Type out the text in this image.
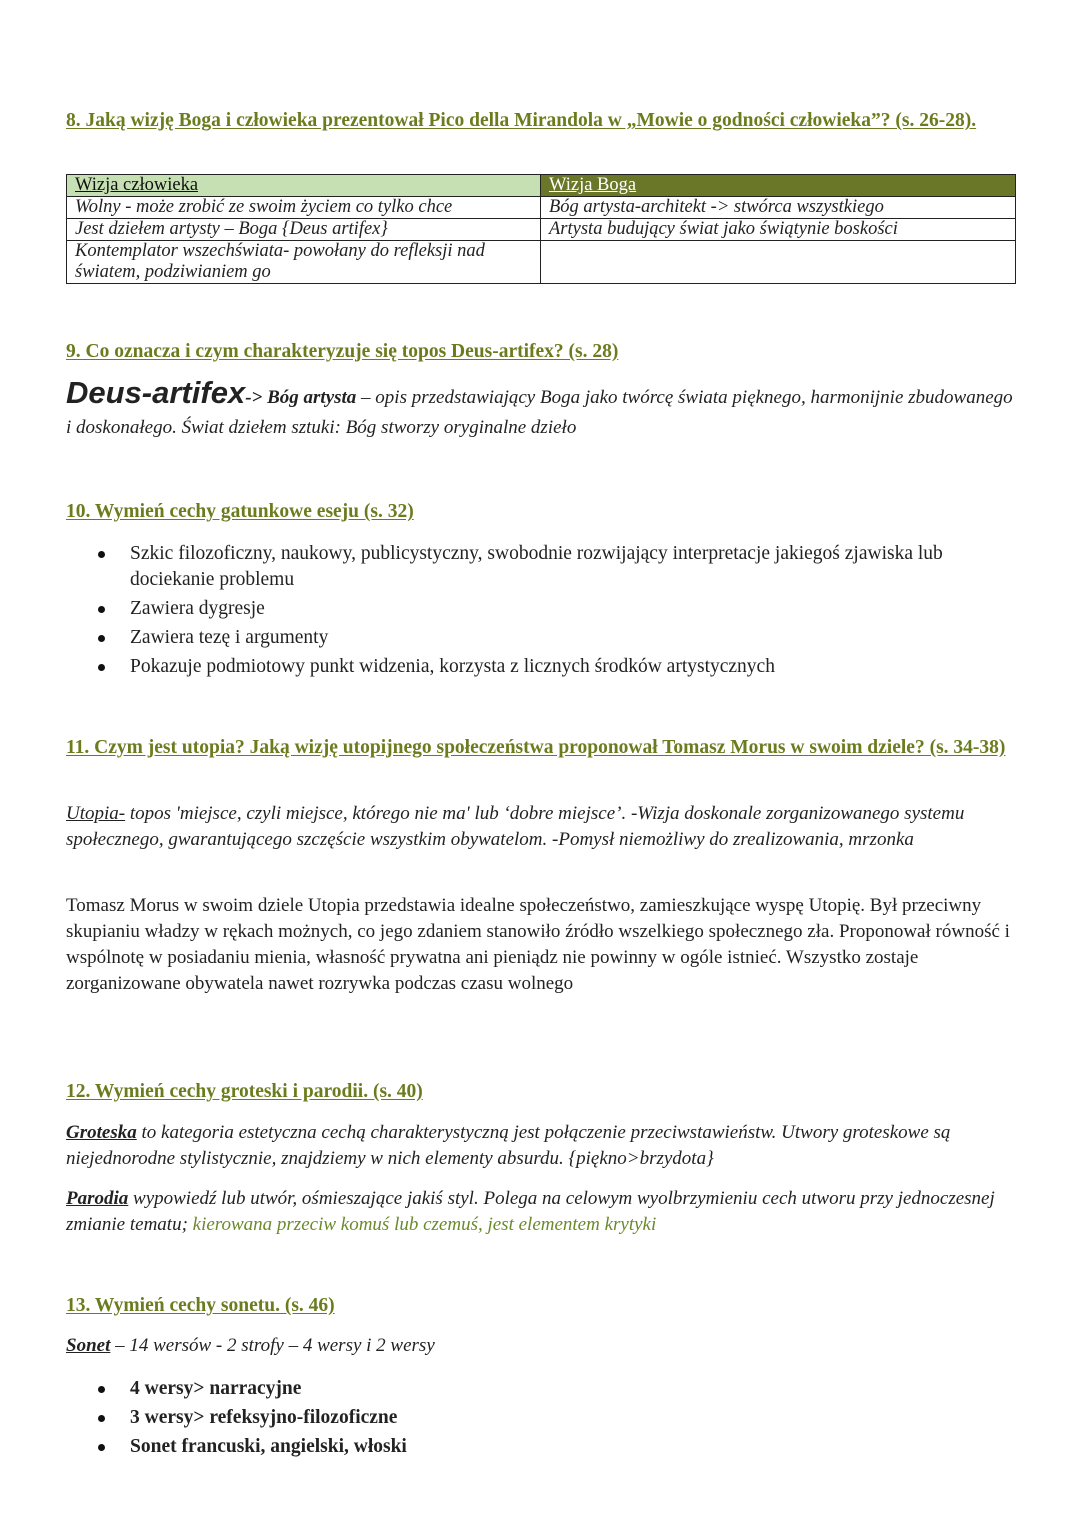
8. Jaką wizję Boga i człowieka prezentował Pico della Mirandola w „Mowie o godności człowieka”? (s. 26-28).

Wizja człowieka	Wizja Boga
Wolny - może zrobić ze swoim życiem co tylko chce	Bóg artysta-architekt -> stwórca wszystkiego
Jest dziełem artysty – Boga {Deus artifex}	Artysta budujący świat jako świątynie boskości
Kontemplator wszechświata- powołany do refleksji nad światem, podziwianiem go	

9. Co oznacza i czym charakteryzuje się topos Deus-artifex? (s. 28)

Deus-artifex-> Bóg artysta – opis przedstawiający Boga jako twórcę świata pięknego, harmonijnie zbudowanego i doskonałego. Świat dziełem sztuki: Bóg stworzy oryginalne dzieło

10. Wymień cechy gatunkowe eseju (s. 32)

Szkic filozoficzny, naukowy, publicystyczny, swobodnie rozwijający interpretacje jakiegoś zjawiska lub dociekanie problemu
Zawiera dygresje
Zawiera tezę i argumenty
Pokazuje podmiotowy punkt widzenia, korzysta z licznych środków artystycznych

11. Czym jest utopia? Jaką wizję utopijnego społeczeństwa proponował Tomasz Morus w swoim dziele? (s. 34-38)

Utopia- topos 'miejsce, czyli miejsce, którego nie ma' lub ‘dobre miejsce’. -Wizja doskonale zorganizowanego systemu społecznego, gwarantującego szczęście wszystkim obywatelom. -Pomysł niemożliwy do zrealizowania, mrzonka

Tomasz Morus w swoim dziele Utopia przedstawia idealne społeczeństwo, zamieszkujące wyspę Utopię. Był przeciwny skupianiu władzy w rękach możnych, co jego zdaniem stanowiło źródło wszelkiego społecznego zła. Proponował równość i wspólnotę w posiadaniu mienia, własność prywatna ani pieniądz nie powinny w ogóle istnieć. Wszystko zostaje zorganizowane obywatela nawet rozrywka podczas czasu wolnego

12. Wymień cechy groteski i parodii. (s. 40)

Groteska to kategoria estetyczna cechą charakterystyczną jest połączenie przeciwstawieństw. Utwory groteskowe są niejednorodne stylistycznie, znajdziemy w nich elementy absurdu. {piękno>brzydota}

Parodia wypowiedź lub utwór, ośmieszające jakiś styl. Polega na celowym wyolbrzymieniu cech utworu przy jednoczesnej zmianie tematu; kierowana przeciw komuś lub czemuś, jest elementem krytyki

13. Wymień cechy sonetu. (s. 46)

Sonet – 14 wersów - 2 strofy – 4 wersy i 2 wersy

4 wersy> narracyjne
3 wersy> refeksyjno-filozoficzne
Sonet francuski, angielski, włoski
